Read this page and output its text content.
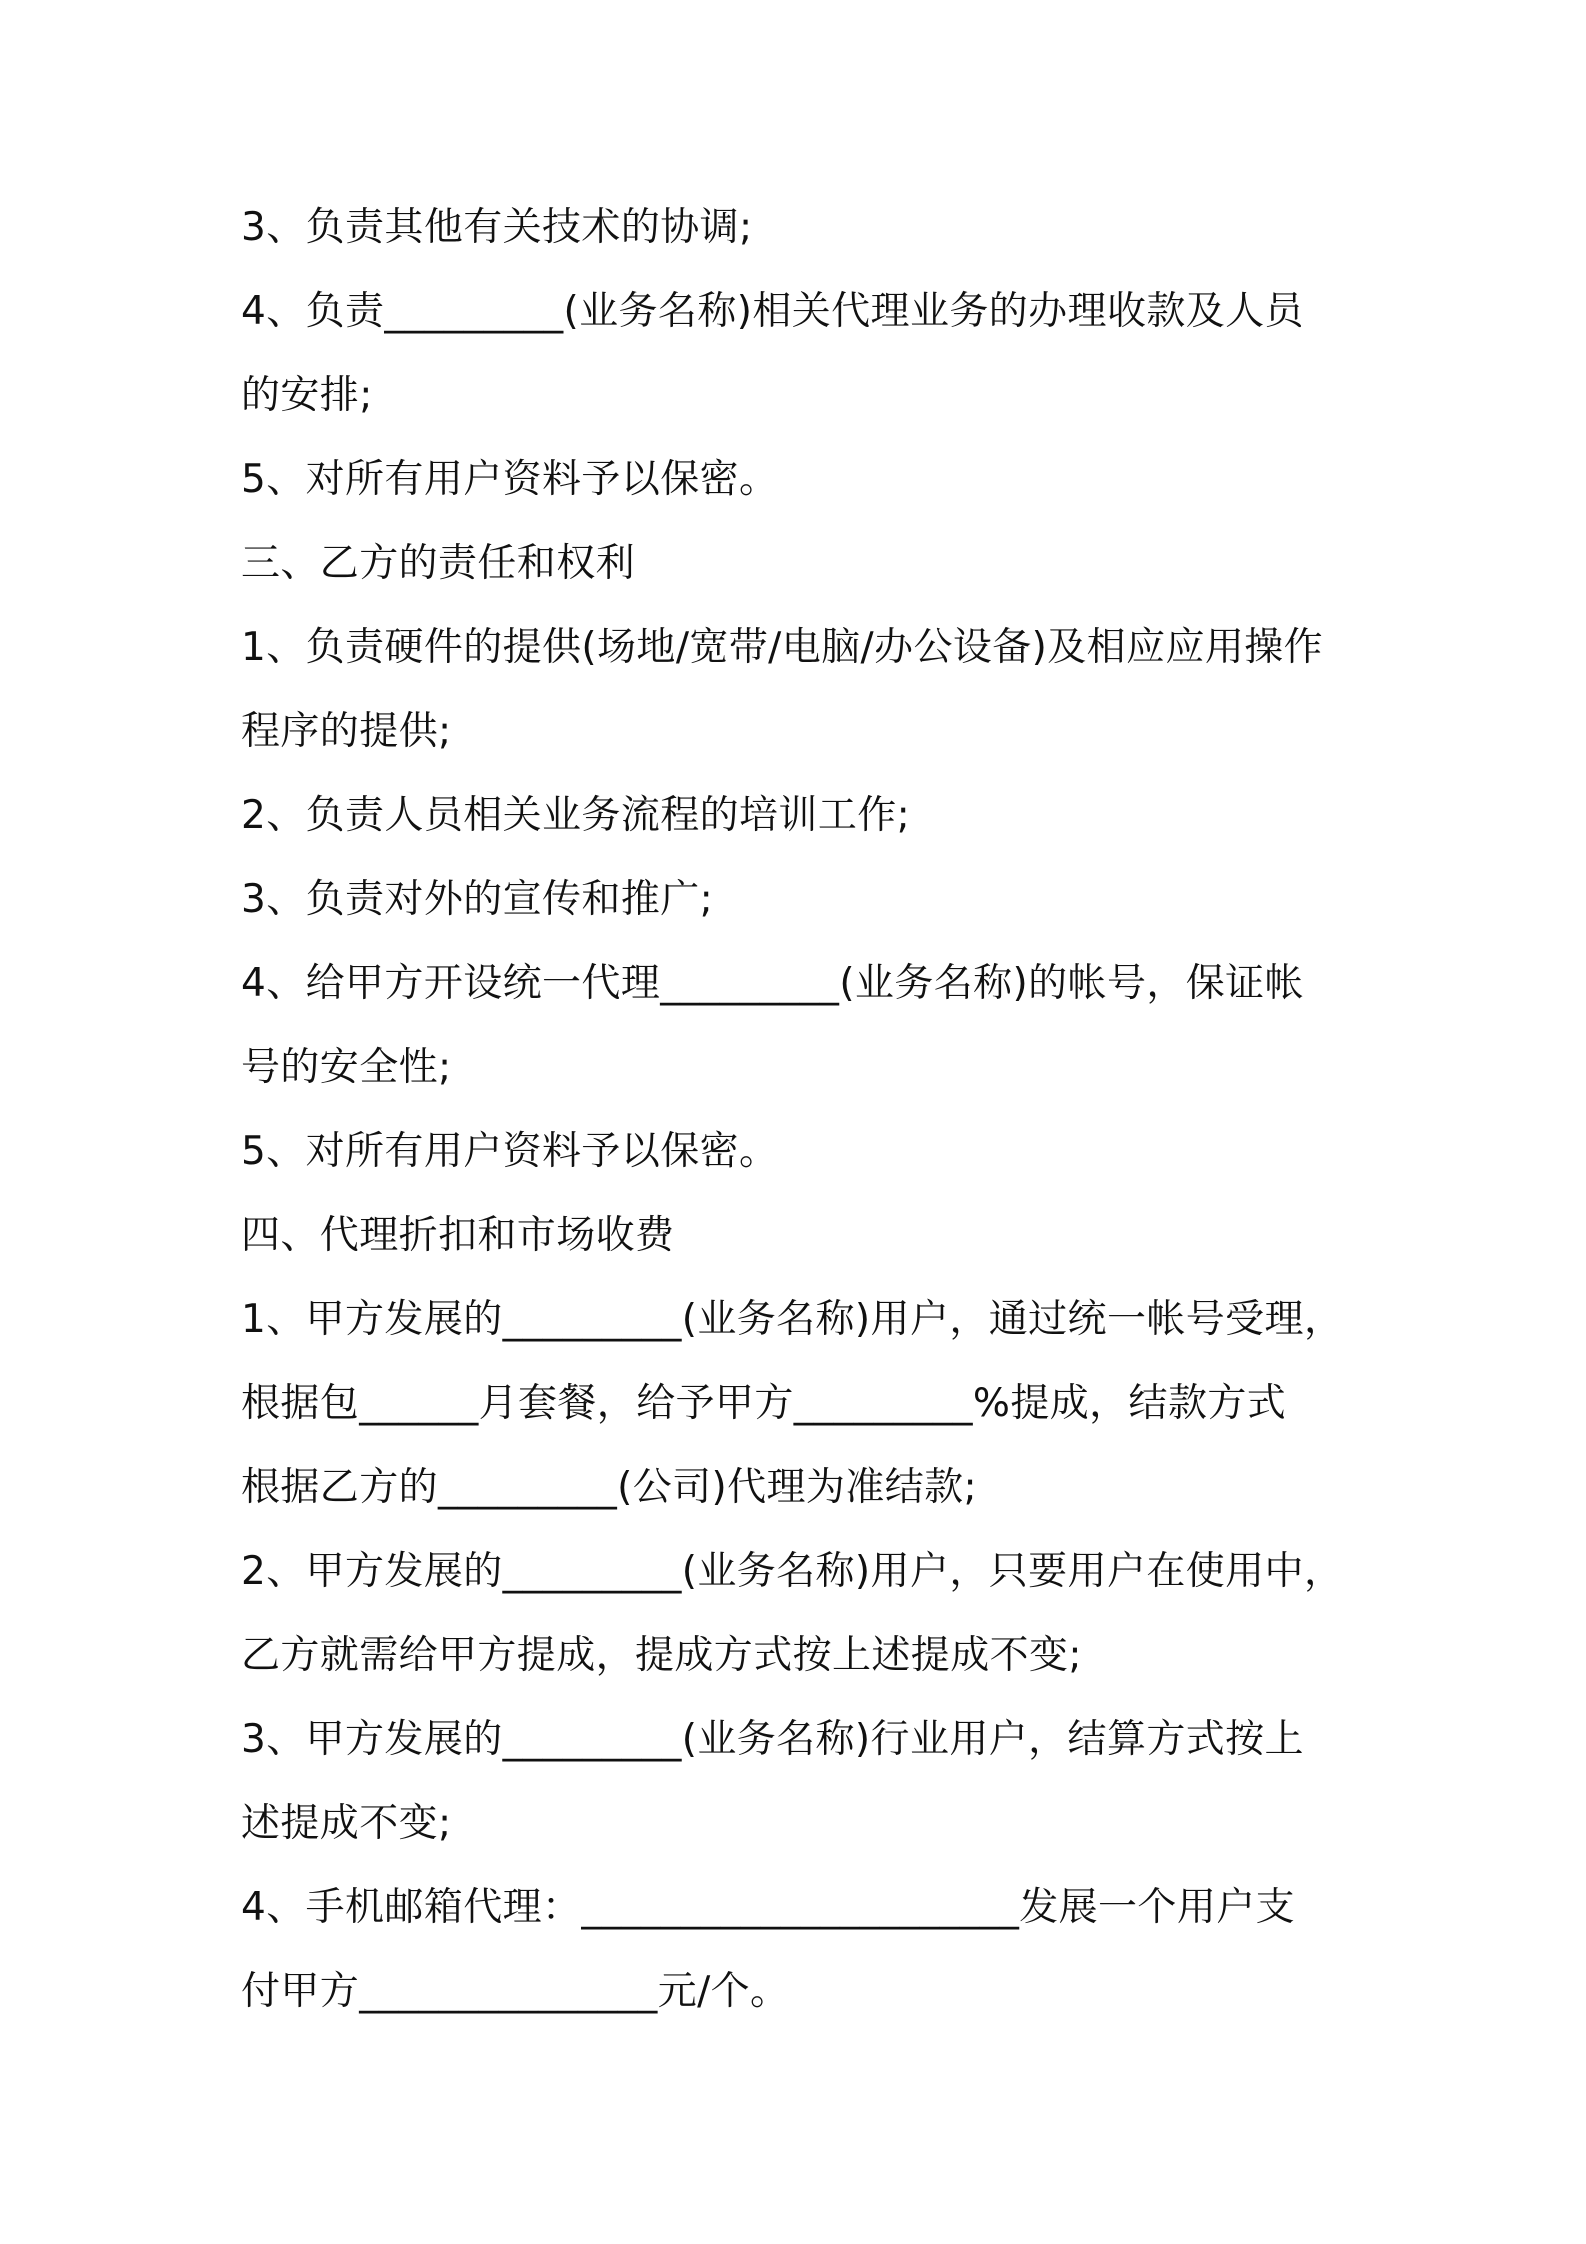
3、负责其他有关技术的协调;
4、负责_________(业务名称)相关代理业务的办理收款及人员
的安排;
5、对所有用户资料予以保密。
三、乙方的责任和权利
1、负责硬件的提供(场地/宽带/电脑/办公设备)及相应应用操作
程序的提供;
2、负责人员相关业务流程的培训工作;
3、负责对外的宣传和推广;
4、给甲方开设统一代理_________(业务名称)的帐号，保证帐
号的安全性;
5、对所有用户资料予以保密。
四、代理折扣和市场收费
1、甲方发展的_________(业务名称)用户，通过统一帐号受理，
根据包______月套餐，给予甲方_________%提成，结款方式
根据乙方的_________(公司)代理为准结款;
2、甲方发展的_________(业务名称)用户，只要用户在使用中，
乙方就需给甲方提成，提成方式按上述提成不变;
3、甲方发展的_________(业务名称)行业用户，结算方式按上
述提成不变;
4、手机邮箱代理：______________________发展一个用户支
付甲方_______________元/个。
